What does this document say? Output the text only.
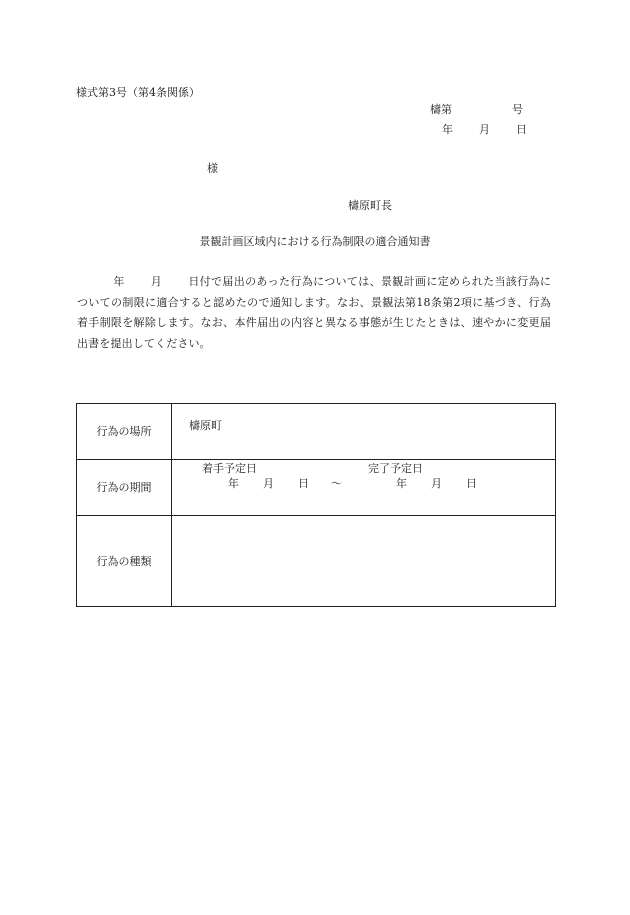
様式第3号（第4条関係）
檮第	号
年 月 日
様
檮原町長
景観計画区域内における行為制限の適合通知書
年 月 日付で届出のあった行為については、景観計画に定められた当該行為についての制限に適合すると認めたので通知します。なお、景観法第18条第2項に基づき、行為着手制限を解除します。なお、本件届出の内容と異なる事態が生じたときは、速やかに変更届出書を提出してください。
行為の場所	檮原町

行為の期間	着手予定日 完了予定日
年 月 日 ～ 年 月 日

行為の種類	
